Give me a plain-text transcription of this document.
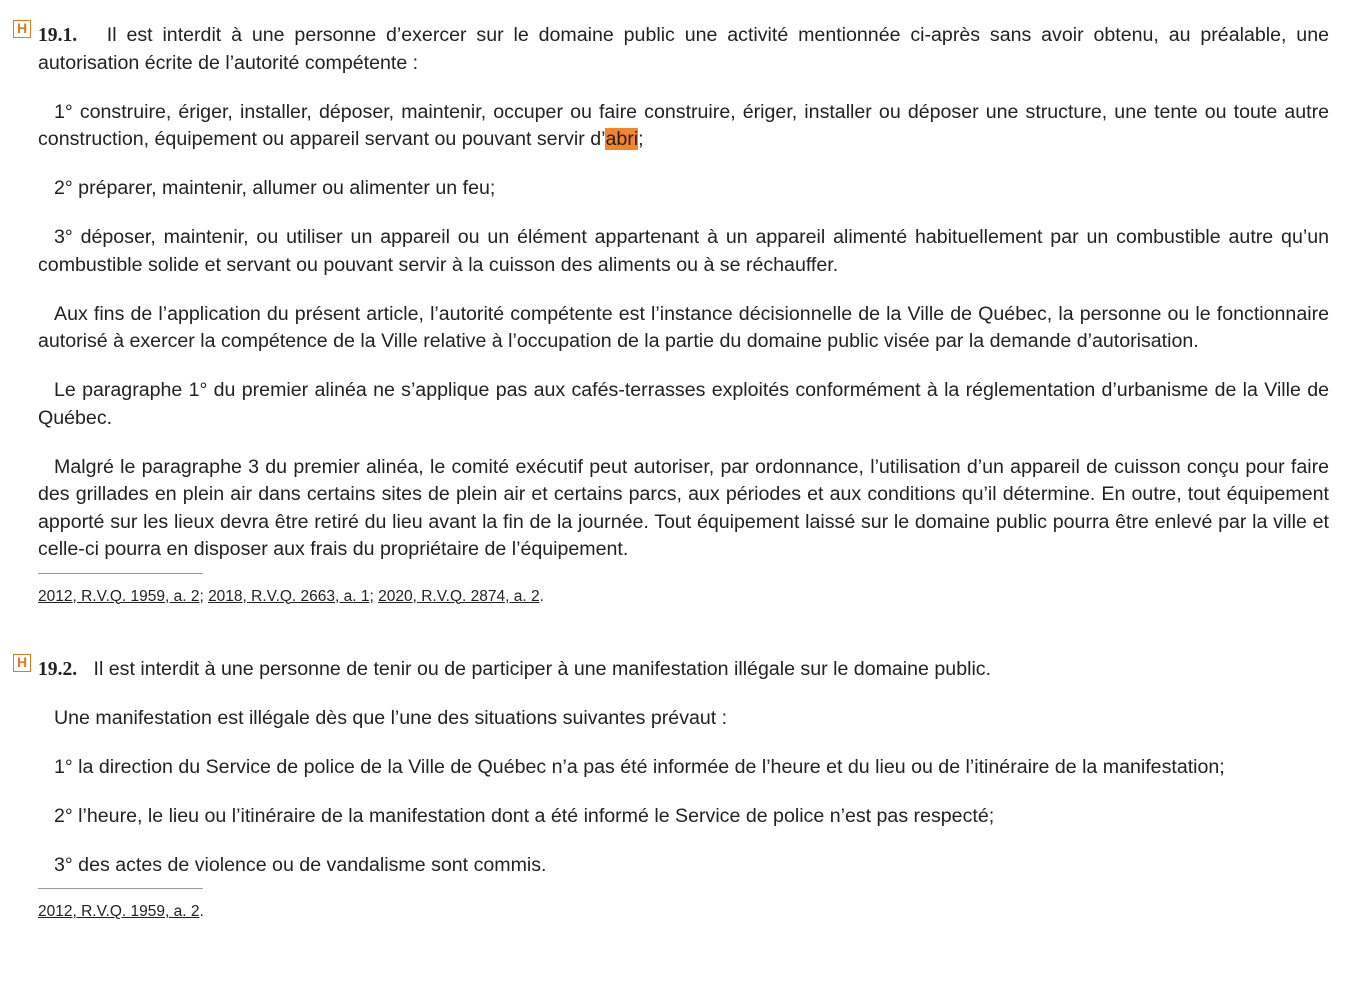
H 19.1. Il est interdit à une personne d’exercer sur le domaine public une activité mentionnée ci-après sans avoir obtenu, au préalable, une autorisation écrite de l’autorité compétente :

1° construire, ériger, installer, déposer, maintenir, occuper ou faire construire, ériger, installer ou déposer une structure, une tente ou toute autre construction, équipement ou appareil servant ou pouvant servir d’abri;

2° préparer, maintenir, allumer ou alimenter un feu;

3° déposer, maintenir, ou utiliser un appareil ou un élément appartenant à un appareil alimenté habituellement par un combustible autre qu’un combustible solide et servant ou pouvant servir à la cuisson des aliments ou à se réchauffer.

Aux fins de l’application du présent article, l’autorité compétente est l’instance décisionnelle de la Ville de Québec, la personne ou le fonctionnaire autorisé à exercer la compétence de la Ville relative à l’occupation de la partie du domaine public visée par la demande d’autorisation.

Le paragraphe 1° du premier alinéa ne s’applique pas aux cafés-terrasses exploités conformément à la réglementation d’urbanisme de la Ville de Québec.

Malgré le paragraphe 3 du premier alinéa, le comité exécutif peut autoriser, par ordonnance, l’utilisation d’un appareil de cuisson conçu pour faire des grillades en plein air dans certains sites de plein air et certains parcs, aux périodes et aux conditions qu’il détermine. En outre, tout équipement apporté sur les lieux devra être retiré du lieu avant la fin de la journée. Tout équipement laissé sur le domaine public pourra être enlevé par la ville et celle-ci pourra en disposer aux frais du propriétaire de l’équipement.

2012, R.V.Q. 1959, a. 2; 2018, R.V.Q. 2663, a. 1; 2020, R.V.Q. 2874, a. 2.
H 19.2. Il est interdit à une personne de tenir ou de participer à une manifestation illégale sur le domaine public.

Une manifestation est illégale dès que l’une des situations suivantes prévaut :

1° la direction du Service de police de la Ville de Québec n’a pas été informée de l’heure et du lieu ou de l’itinéraire de la manifestation;

2° l’heure, le lieu ou l’itinéraire de la manifestation dont a été informé le Service de police n’est pas respecté;

3° des actes de violence ou de vandalisme sont commis.

2012, R.V.Q. 1959, a. 2.
